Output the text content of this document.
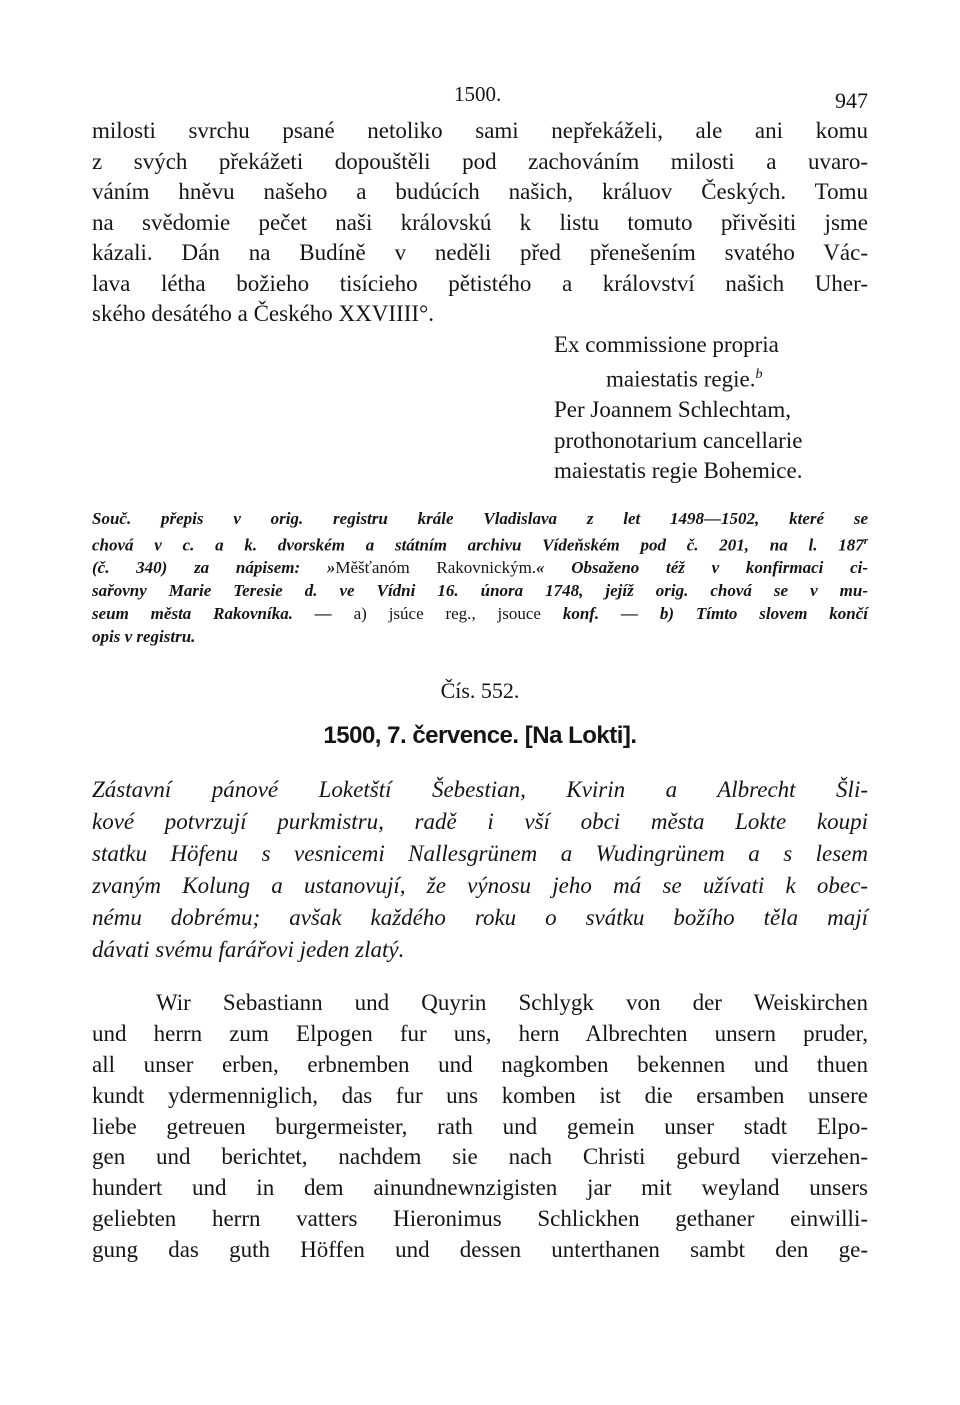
1500.	947

milosti svrchu psané netoliko sami nepřekáželi, ale ani komu
z svých překážeti dopouštěli pod zachováním milosti a uvaro-
váním hněvu našeho a budúcích našich, králuov Českých. Tomu
na svědomie pečet naši královskú k listu tomuto přivěsiti jsme
kázali. Dán na Budíně v neděli před přenešením svatého Vác-
lava létha božieho tisícieho pětistého a království našich Uher-
ského desátého a Českého XXVIIII°.

Ex commissione propria
maiestatis regie.$^b$
Per Joannem Schlechtam,
prothonotarium cancellarie
maiestatis regie Bohemice.
Souč. přepis v orig. registru krále Vladislava z let 1498—1502, které se
chová v c. a k. dvorském a státním archivu Vídeňském pod č. 201, na l. 187$^r$
(č. 340) za nápisem: »Měšťanóm Rakovnickým.« Obsaženo též v konfirmaci ci-
sařovny Marie Teresie d. ve Vídni 16. února 1748, jejíž orig. chová se v mu-
seum města Rakovníka. — a) jsúce reg., jsouce konf. — b) Tímto slovem končí
opis v registru.
Čís. 552.
1500, 7. července. [Na Lokti].
Zástavní pánové Loketští Šebestian, Kvirin a Albrecht Šli-
kové potvrzují purkmistru, radě i vší obci města Lokte koupi
statku Höfenu s vesnicemi Nallesgrünem a Wudingrünem a s lesem
zvaným Kolung a ustanovují, že výnosu jeho má se užívati k obec-
nému dobrému; avšak každého roku o svátku božího těla mají
dávati svému farářovi jeden zlatý.
Wir Sebastiann und Quyrin Schlygk von der Weiskirchen
und herrn zum Elpogen fur uns, hern Albrechten unsern pruder,
all unser erben, erbnemben und nagkomben bekennen und thuen
kundt ydermenniglich, das fur uns komben ist die ersamben unsere
liebe getreuen burgermeister, rath und gemein unser stadt Elpo-
gen und berichtet, nachdem sie nach Christi geburd vierzehen-
hundert und in dem ainundnewnzigisten jar mit weyland unsers
geliebten herrn vatters Hieronimus Schlickhen gethaner einwilli-
gung das guth Höffen und dessen unterthanen sambt den ge-
